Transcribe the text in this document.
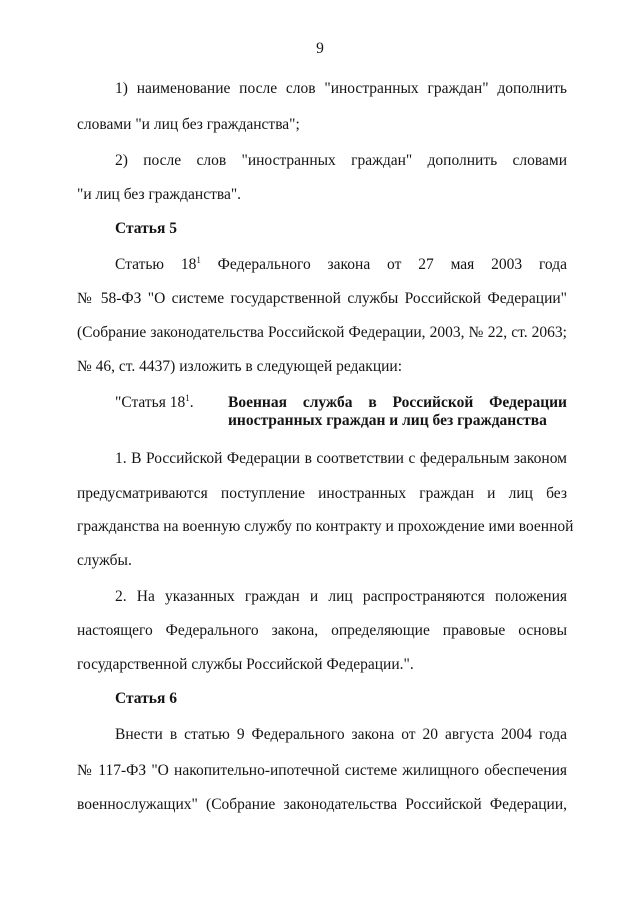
9
1) наименование после слов "иностранных граждан" дополнить
словами "и лиц без гражданства";
2) после слов "иностранных граждан" дополнить словами
"и лиц без гражданства".
Статья 5
Статью $18^1$ Федерального закона от 27 мая 2003 года
№ 58-ФЗ "О системе государственной службы Российской Федерации"
(Собрание законодательства Российской Федерации, 2003, № 22, ст. 2063;
№ 46, ст. 4437) изложить в следующей редакции:
"Статья $18^1$. Военная служба в Российской Федерации
иностранных граждан и лиц без гражданства
1. В Российской Федерации в соответствии с федеральным законом
предусматриваются поступление иностранных граждан и лиц без
гражданства на военную службу по контракту и прохождение ими военной
службы.
2. На указанных граждан и лиц распространяются положения
настоящего Федерального закона, определяющие правовые основы
государственной службы Российской Федерации.".
Статья 6
Внести в статью 9 Федерального закона от 20 августа 2004 года
№ 117-ФЗ "О накопительно-ипотечной системе жилищного обеспечения
военнослужащих" (Собрание законодательства Российской Федерации,
